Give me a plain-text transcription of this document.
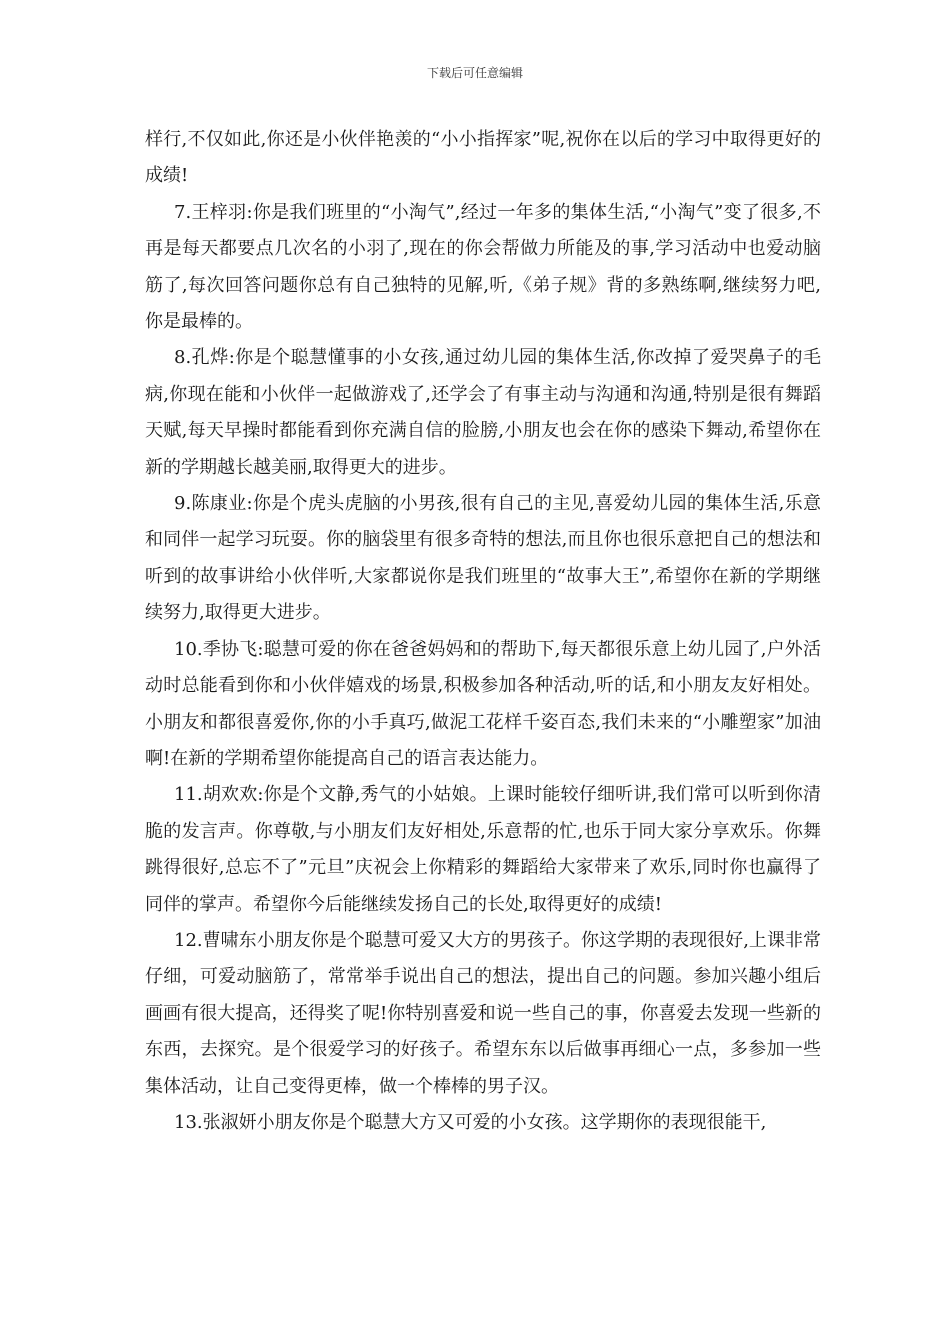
下载后可任意编辑

样行,不仅如此,你还是小伙伴艳羡的“小小指挥家”呢,祝你在以后的学习中取得更好的成绩!

7.王梓羽:你是我们班里的“小淘气”,经过一年多的集体生活,“小淘气”变了很多,不再是每天都要点几次名的小羽了,现在的你会帮做力所能及的事,学习活动中也爱动脑筋了,每次回答问题你总有自己独特的见解,听,《弟子规》背的多熟练啊,继续努力吧,你是最棒的。

8.孔烨:你是个聪慧懂事的小女孩,通过幼儿园的集体生活,你改掉了爱哭鼻子的毛病,你现在能和小伙伴一起做游戏了,还学会了有事主动与沟通和沟通,特别是很有舞蹈天赋,每天早操时都能看到你充满自信的脸膀,小朋友也会在你的感染下舞动,希望你在新的学期越长越美丽,取得更大的进步。

9.陈康业:你是个虎头虎脑的小男孩,很有自己的主见,喜爱幼儿园的集体生活,乐意和同伴一起学习玩耍。你的脑袋里有很多奇特的想法,而且你也很乐意把自己的想法和听到的故事讲给小伙伴听,大家都说你是我们班里的“故事大王”,希望你在新的学期继续努力,取得更大进步。

10.季协飞:聪慧可爱的你在爸爸妈妈和的帮助下,每天都很乐意上幼儿园了,户外活动时总能看到你和小伙伴嬉戏的场景,积极参加各种活动,听的话,和小朋友友好相处。小朋友和都很喜爱你,你的小手真巧,做泥工花样千姿百态,我们未来的“小雕塑家”加油啊!在新的学期希望你能提高自己的语言表达能力。

11.胡欢欢:你是个文静,秀气的小姑娘。上课时能较仔细听讲,我们常可以听到你清脆的发言声。你尊敬,与小朋友们友好相处,乐意帮的忙,也乐于同大家分享欢乐。你舞跳得很好,总忘不了”元旦”庆祝会上你精彩的舞蹈给大家带来了欢乐,同时你也赢得了同伴的掌声。希望你今后能继续发扬自己的长处,取得更好的成绩!

12.曹啸东小朋友你是个聪慧可爱又大方的男孩子。你这学期的表现很好,上课非常仔细，可爱动脑筋了，常常举手说出自己的想法，提出自己的问题。参加兴趣小组后画画有很大提高，还得奖了呢!你特别喜爱和说一些自己的事，你喜爱去发现一些新的东西，去探究。是个很爱学习的好孩子。希望东东以后做事再细心一点，多参加一些集体活动，让自己变得更棒，做一个棒棒的男子汉。

13.张淑妍小朋友你是个聪慧大方又可爱的小女孩。这学期你的表现很能干,
